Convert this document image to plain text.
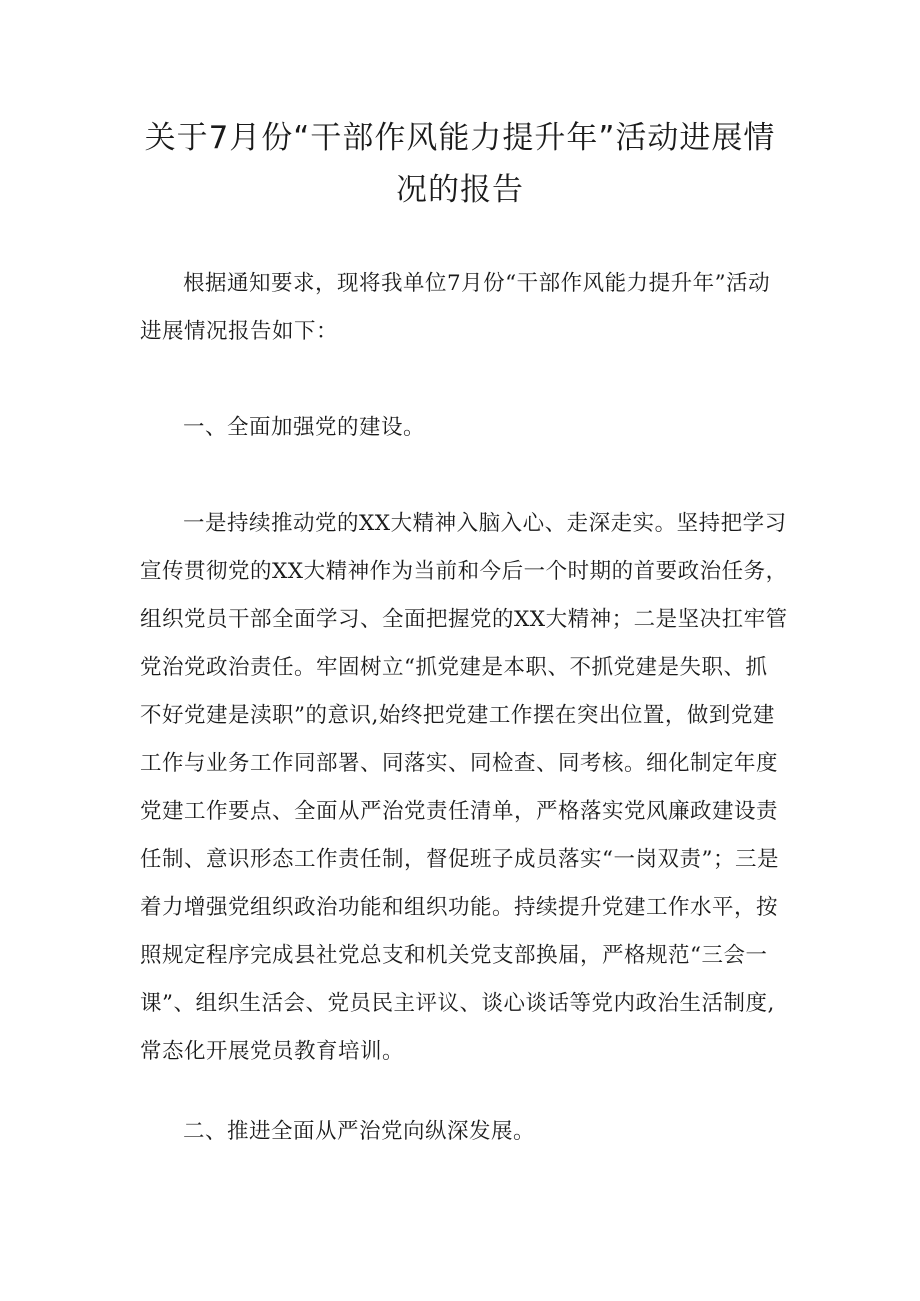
关于7月份“干部作风能力提升年”活动进展情况的报告

根据通知要求，现将我单位7月份“干部作风能力提升年”活动进展情况报告如下：

一、全面加强党的建设。

一是持续推动党的XX大精神入脑入心、走深走实。坚持把学习宣传贯彻党的XX大精神作为当前和今后一个时期的首要政治任务，组织党员干部全面学习、全面把握党的XX大精神；二是坚决扛牢管党治党政治责任。牢固树立“抓党建是本职、不抓党建是失职、抓不好党建是渎职”的意识,始终把党建工作摆在突出位置，做到党建工作与业务工作同部署、同落实、同检查、同考核。细化制定年度党建工作要点、全面从严治党责任清单，严格落实党风廉政建设责任制、意识形态工作责任制，督促班子成员落实“一岗双责”；三是着力增强党组织政治功能和组织功能。持续提升党建工作水平，按照规定程序完成县社党总支和机关党支部换届，严格规范“三会一课”、组织生活会、党员民主评议、谈心谈话等党内政治生活制度,常态化开展党员教育培训。

二、推进全面从严治党向纵深发展。
